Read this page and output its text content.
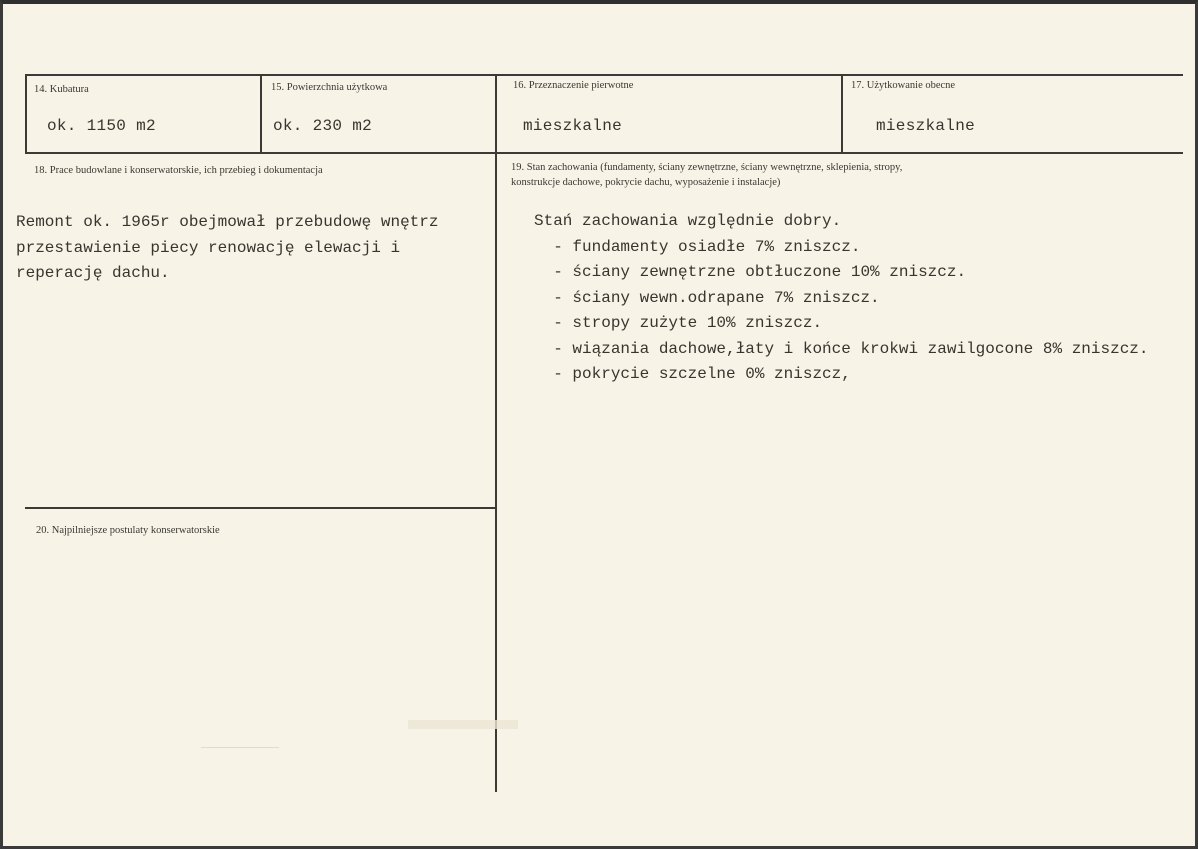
14. Kubatura
ok. 1150 m2
15. Powierzchnia użytkowa
ok. 230 m2
16. Przeznaczenie pierwotne
mieszkalne
17. Użytkowanie obecne
mieszkalne
18. Prace budowlane i konserwatorskie, ich przebieg i dokumentacja
Remont ok. 1965r obejmował przebudowę wnętrz
przestawienie piecy renowację elewacji i
reperację dachu.
19. Stan zachowania (fundamenty, ściany zewnętrzne, ściany wewnętrzne, sklepienia, stropy,
konstrukcje dachowe, pokrycie dachu, wyposażenie i instalacje)
Stań zachowania względnie dobry.
- fundamenty osiadłe 7% zniszcz.
- ściany zewnętrzne obtłuczone 10% zniszcz.
- ściany wewn.odrapane 7% zniszcz.
- stropy zużyte 10% zniszcz.
- wiązania dachowe,łaty i końce krokwi zawilgocone 8% zniszcz.
- pokrycie szczelne 0% zniszcz,
20. Najpilniejsze postulaty konserwatorskie
